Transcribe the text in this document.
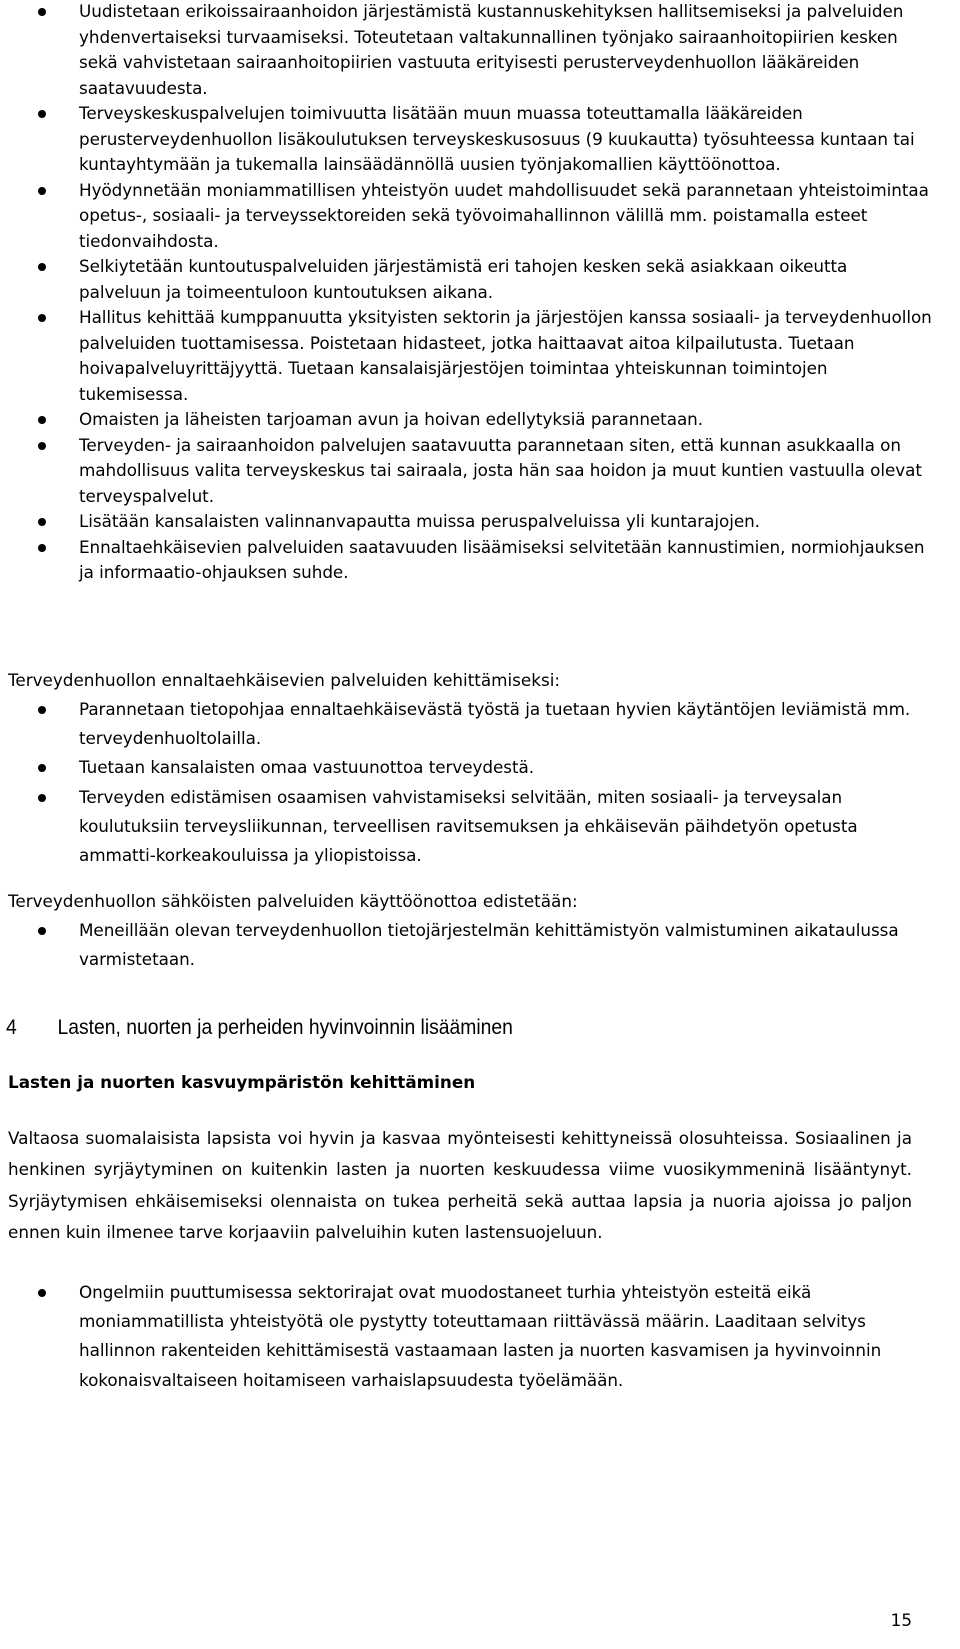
Uudistetaan erikoissairaanhoidon järjestämistä kustannuskehityksen hallitsemiseksi ja palveluiden yhdenvertaiseksi turvaamiseksi. Toteutetaan valtakunnallinen työnjako sairaanhoitopiirien kesken sekä vahvistetaan sairaanhoitopiirien vastuuta erityisesti perusterveydenhuollon lääkäreiden saatavuudesta.
Terveyskeskuspalvelujen toimivuutta lisätään muun muassa toteuttamalla lääkäreiden perusterveydenhuollon lisäkoulutuksen terveyskeskusosuus (9 kuukautta) työsuhteessa kuntaan tai kuntayhtymään ja tukemalla lainsäädännöllä uusien työnjakomallien käyttöönottoa.
Hyödynnetään moniammatillisen yhteistyön uudet mahdollisuudet sekä parannetaan yhteistoimintaa opetus-, sosiaali- ja terveyssektoreiden sekä työvoimahallinnon välillä mm. poistamalla esteet tiedonvaihdosta.
Selkiytetään kuntoutuspalveluiden järjestämistä eri tahojen kesken sekä asiakkaan oikeutta palveluun ja toimeentuloon kuntoutuksen aikana.
Hallitus kehittää kumppanuutta yksityisten sektorin ja järjestöjen kanssa sosiaali- ja terveydenhuollon palveluiden tuottamisessa. Poistetaan hidasteet, jotka haittaavat aitoa kilpailutusta. Tuetaan hoivapalveluyrittäjyyttä. Tuetaan kansalaisjärjestöjen toimintaa yhteiskunnan toimintojen tukemisessa.
Omaisten ja läheisten tarjoaman avun ja hoivan edellytyksiä parannetaan.
Terveyden- ja sairaanhoidon palvelujen saatavuutta parannetaan siten, että kunnan asukkaalla on mahdollisuus valita terveyskeskus tai sairaala, josta hän saa hoidon ja muut kuntien vastuulla olevat terveyspalvelut.
Lisätään kansalaisten valinnanvapautta muissa peruspalveluissa yli kuntarajojen.
Ennaltaehkäisevien palveluiden saatavuuden lisäämiseksi selvitetään kannustimien, normiohjauksen ja informaatio-ohjauksen suhde.
Terveydenhuollon ennaltaehkäisevien palveluiden kehittämiseksi:
Parannetaan tietopohjaa ennaltaehkäisevästä työstä ja tuetaan hyvien käytäntöjen leviämistä mm. terveydenhuoltolailla.
Tuetaan kansalaisten omaa vastuunottoa terveydestä.
Terveyden edistämisen osaamisen vahvistamiseksi selvitään, miten sosiaali- ja terveysalan koulutuksiin terveysliikunnan, terveellisen ravitsemuksen ja ehkäisevän päihdetyön opetusta ammatti-korkeakouluissa ja yliopistoissa.
Terveydenhuollon sähköisten palveluiden käyttöönottoa edistetään:
Meneillään olevan terveydenhuollon tietojärjestelmän kehittämistyön valmistuminen aikataulussa varmistetaan.
4 Lasten, nuorten ja perheiden hyvinvoinnin lisääminen
Lasten ja nuorten kasvuympäristön kehittäminen
Valtaosa suomalaisista lapsista voi hyvin ja kasvaa myönteisesti kehittyneissä olosuhteissa. Sosiaalinen ja henkinen syrjäytyminen on kuitenkin lasten ja nuorten keskuudessa viime vuosikymmeninä lisääntynyt. Syrjäytymisen ehkäisemiseksi olennaista on tukea perheitä sekä auttaa lapsia ja nuoria ajoissa jo paljon ennen kuin ilmenee tarve korjaaviin palveluihin kuten lastensuojeluun.
Ongelmiin puuttumisessa sektorirajat ovat muodostaneet turhia yhteistyön esteitä eikä moniammatillista yhteistyötä ole pystytty toteuttamaan riittävässä määrin. Laaditaan selvitys hallinnon rakenteiden kehittämisestä vastaamaan lasten ja nuorten kasvamisen ja hyvinvoinnin kokonaisvaltaiseen hoitamiseen varhaislapsuudesta työelämään.
15
